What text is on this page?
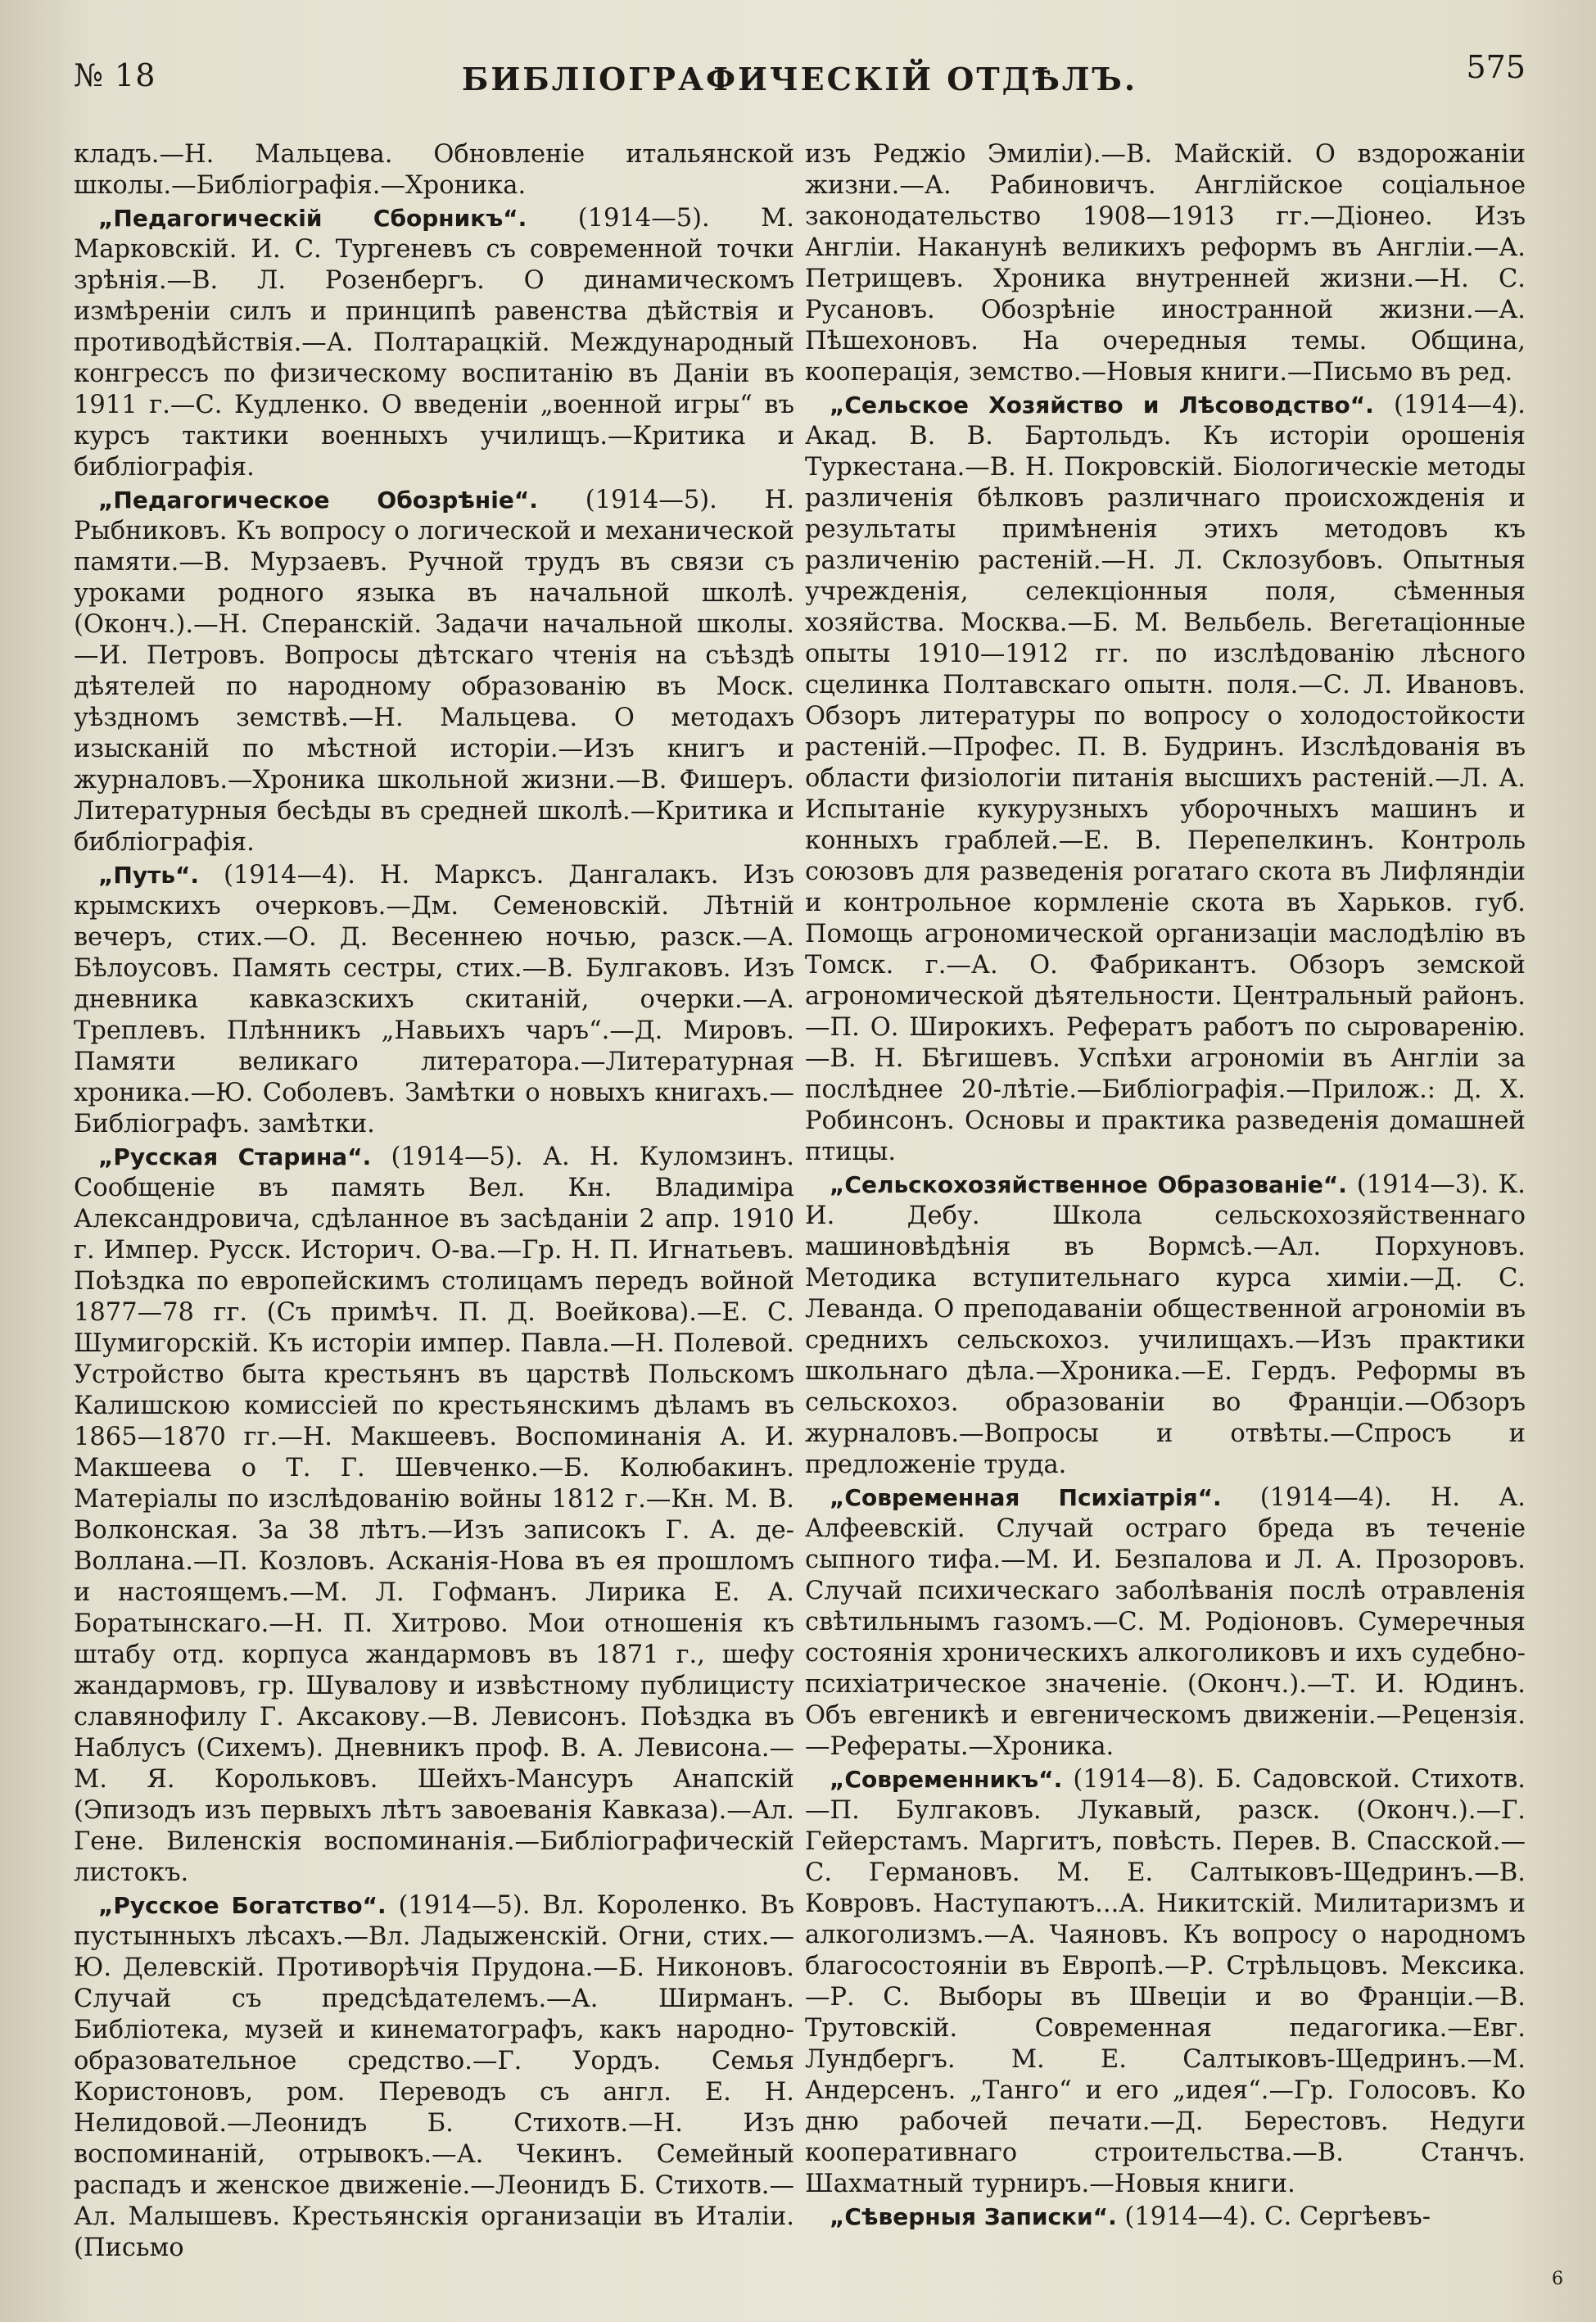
№ 18	БИБЛІОГРАФИЧЕСКІЙ ОТДѢЛЪ.	575

кладъ.—Н. Мальцева. Обновленіе итальянской школы.—Библіографія.—Хроника.

„Педагогическій Сборникъ“. (1914—5). М. Марковскій. И. С. Тургеневъ съ современной точки зрѣнія.—В. Л. Розенбергъ. О динамическомъ измѣреніи силъ и принципѣ равенства дѣйствія и противодѣйствія.—А. Полтарацкій. Международный конгрессъ по физическому воспитанію въ Даніи въ 1911 г.—С. Кудленко. О введеніи „военной игры“ въ курсъ тактики военныхъ училищъ.—Критика и библіографія.

„Педагогическое Обозрѣніе“. (1914—5). Н. Рыбниковъ. Къ вопросу о логической и механической памяти.—В. Мурзаевъ. Ручной трудъ въ связи съ уроками родного языка въ начальной школѣ. (Оконч.).—Н. Сперанскій. Задачи начальной школы.—И. Петровъ. Вопросы дѣтскаго чтенія на съѣздѣ дѣятелей по народному образованію въ Моск. уѣздномъ земствѣ.—Н. Мальцева. О методахъ изысканій по мѣстной исторіи.—Изъ книгъ и журналовъ.—Хроника школьной жизни.—В. Фишеръ. Литературныя бесѣды въ средней школѣ.—Критика и библіографія.

„Путь“. (1914—4). Н. Марксъ. Дангалакъ. Изъ крымскихъ очерковъ.—Дм. Семеновскій. Лѣтній вечеръ, стих.—О. Д. Весеннею ночью, разск.—А. Бѣлоусовъ. Память сестры, стих.—В. Булгаковъ. Изъ дневника кавказскихъ скитаній, очерки.—А. Треплевъ. Плѣнникъ „Навьихъ чаръ“.—Д. Мировъ. Памяти великаго литератора.—Литературная хроника.—Ю. Соболевъ. Замѣтки о новыхъ книгахъ.—Библіографъ. замѣтки.

„Русская Старина“. (1914—5). А. Н. Куломзинъ. Сообщеніе въ память Вел. Кн. Владиміра Александровича, сдѣланное въ засѣданіи 2 апр. 1910 г. Импер. Русск. Историч. О-ва.—Гр. Н. П. Игнатьевъ. Поѣздка по европейскимъ столицамъ передъ войной 1877—78 гг. (Съ примѣч. П. Д. Воейкова).—Е. С. Шумигорскій. Къ исторіи импер. Павла.—Н. Полевой. Устройство быта крестьянъ въ царствѣ Польскомъ Калишскою комиссіей по крестьянскимъ дѣламъ въ 1865—1870 гг.—Н. Макшеевъ. Воспоминанія А. И. Макшеева о Т. Г. Шевченко.—Б. Колюбакинъ. Матеріалы по изслѣдованію войны 1812 г.—Кн. М. В. Волконская. За 38 лѣтъ.—Изъ записокъ Г. А. де-Воллана.—П. Козловъ. Асканія-Нова въ ея прошломъ и настоящемъ.—М. Л. Гофманъ. Лирика Е. А. Боратынскаго.—Н. П. Хитрово. Мои отношенія къ штабу отд. корпуса жандармовъ въ 1871 г., шефу жандармовъ, гр. Шувалову и извѣстному публицисту славянофилу Г. Аксакову.—В. Левисонъ. Поѣздка въ Наблусъ (Сихемъ). Дневникъ проф. В. А. Левисона.—М. Я. Корольковъ. Шейхъ-Мансуръ Анапскій (Эпизодъ изъ первыхъ лѣтъ завоеванія Кавказа).—Ал. Гене. Виленскія воспоминанія.—Библіографическій листокъ.

„Русское Богатство“. (1914—5). Вл. Короленко. Въ пустынныхъ лѣсахъ.—Вл. Ладыженскій. Огни, стих.—Ю. Делевскій. Противорѣчія Прудона.—Б. Никоновъ. Случай съ предсѣдателемъ.—А. Ширманъ. Библіотека, музей и кинематографъ, какъ народно-образовательное средство.—Г. Уордъ. Семья Користоновъ, ром. Переводъ съ англ. Е. Н. Нелидовой.—Леонидъ Б. Стихотв.—Н. Изъ воспоминаній, отрывокъ.—А. Чекинъ. Семейный распадъ и женское движеніе.—Леонидъ Б. Стихотв.—Ал. Малышевъ. Крестьянскія организаціи въ Италіи. (Письмо

изъ Реджіо Эмиліи).—В. Майскій. О вздорожаніи жизни.—А. Рабиновичъ. Англійское соціальное законодательство 1908—1913 гг.—Діонео. Изъ Англіи. Наканунѣ великихъ реформъ въ Англіи.—А. Петрищевъ. Хроника внутренней жизни.—Н. С. Русановъ. Обозрѣніе иностранной жизни.—А. Пѣшехоновъ. На очередныя темы. Община, кооперація, земство.—Новыя книги.—Письмо въ ред.

„Сельское Хозяйство и Лѣсоводство“. (1914—4). Акад. В. В. Бартольдъ. Къ исторіи орошенія Туркестана.—В. Н. Покровскій. Біологическіе методы различенія бѣлковъ различнаго происхожденія и результаты примѣненія этихъ методовъ къ различенію растеній.—Н. Л. Склозубовъ. Опытныя учрежденія, селекціонныя поля, сѣменныя хозяйства. Москва.—Б. М. Вельбель. Вегетаціонные опыты 1910—1912 гг. по изслѣдованію лѣсного сцелинка Полтавскаго опытн. поля.—С. Л. Ивановъ. Обзоръ литературы по вопросу о холодостойкости растеній.—Профес. П. В. Будринъ. Изслѣдованія въ области физіологіи питанія высшихъ растеній.—Л. А. Испытаніе кукурузныхъ уборочныхъ машинъ и конныхъ граблей.—Е. В. Перепелкинъ. Контроль союзовъ для разведенія рогатаго скота въ Лифляндіи и контрольное кормленіе скота въ Харьков. губ. Помощь агрономической организаціи маслодѣлію въ Томск. г.—А. О. Фабрикантъ. Обзоръ земской агрономической дѣятельности. Центральный районъ.—П. О. Широкихъ. Рефератъ работъ по сыроваренію.—В. Н. Бѣгишевъ. Успѣхи агрономіи въ Англіи за послѣднее 20-лѣтіе.—Библіографія.—Прилож.: Д. Х. Робинсонъ. Основы и практика разведенія домашней птицы.

„Сельскохозяйственное Образованіе“. (1914—3). К. И. Дебу. Школа сельскохозяйственнаго машиновѣдѣнія въ Вормсѣ.—Ал. Порхуновъ. Методика вступительнаго курса химіи.—Д. С. Леванда. О преподаваніи общественной агрономіи въ среднихъ сельскохоз. училищахъ.—Изъ практики школьнаго дѣла.—Хроника.—Е. Гердъ. Реформы въ сельскохоз. образованіи во Франціи.—Обзоръ журналовъ.—Вопросы и отвѣты.—Спросъ и предложеніе труда.

„Современная Психіатрія“. (1914—4). Н. А. Алфеевскій. Случай остраго бреда въ теченіе сыпного тифа.—М. И. Безпалова и Л. А. Прозоровъ. Случай психическаго заболѣванія послѣ отравленія свѣтильнымъ газомъ.—С. М. Родіоновъ. Сумеречныя состоянія хроническихъ алкоголиковъ и ихъ судебно-психіатрическое значеніе. (Оконч.).—Т. И. Юдинъ. Объ евгеникѣ и евгеническомъ движеніи.—Рецензія.—Рефераты.—Хроника.

„Современникъ“. (1914—8). Б. Садовской. Стихотв.—П. Булгаковъ. Лукавый, разск. (Оконч.).—Г. Гейерстамъ. Маргитъ, повѣсть. Перев. В. Спасской.—С. Гермaновъ. М. Е. Салтыковъ-Щедринъ.—В. Ковровъ. Наступаютъ...А. Никитскій. Милитаризмъ и алкоголизмъ.—А. Чаяновъ. Къ вопросу о народномъ благосостояніи въ Европѣ.—Р. Стрѣльцовъ. Мексика.—Р. С. Выборы въ Швеціи и во Франціи.—В. Трутовскій. Современная педагогика.—Евг. Лундбергъ. М. Е. Салтыковъ-Щедринъ.—М. Андерсенъ. „Танго“ и его „идея“.—Гр. Голосовъ. Ко дню рабочей печати.—Д. Берестовъ. Недуги кооперативнаго строительства.—В. Станчъ. Шахматный турниръ.—Новыя книги.

„Сѣверныя Записки“. (1914—4). С. Сергѣевъ-

6
